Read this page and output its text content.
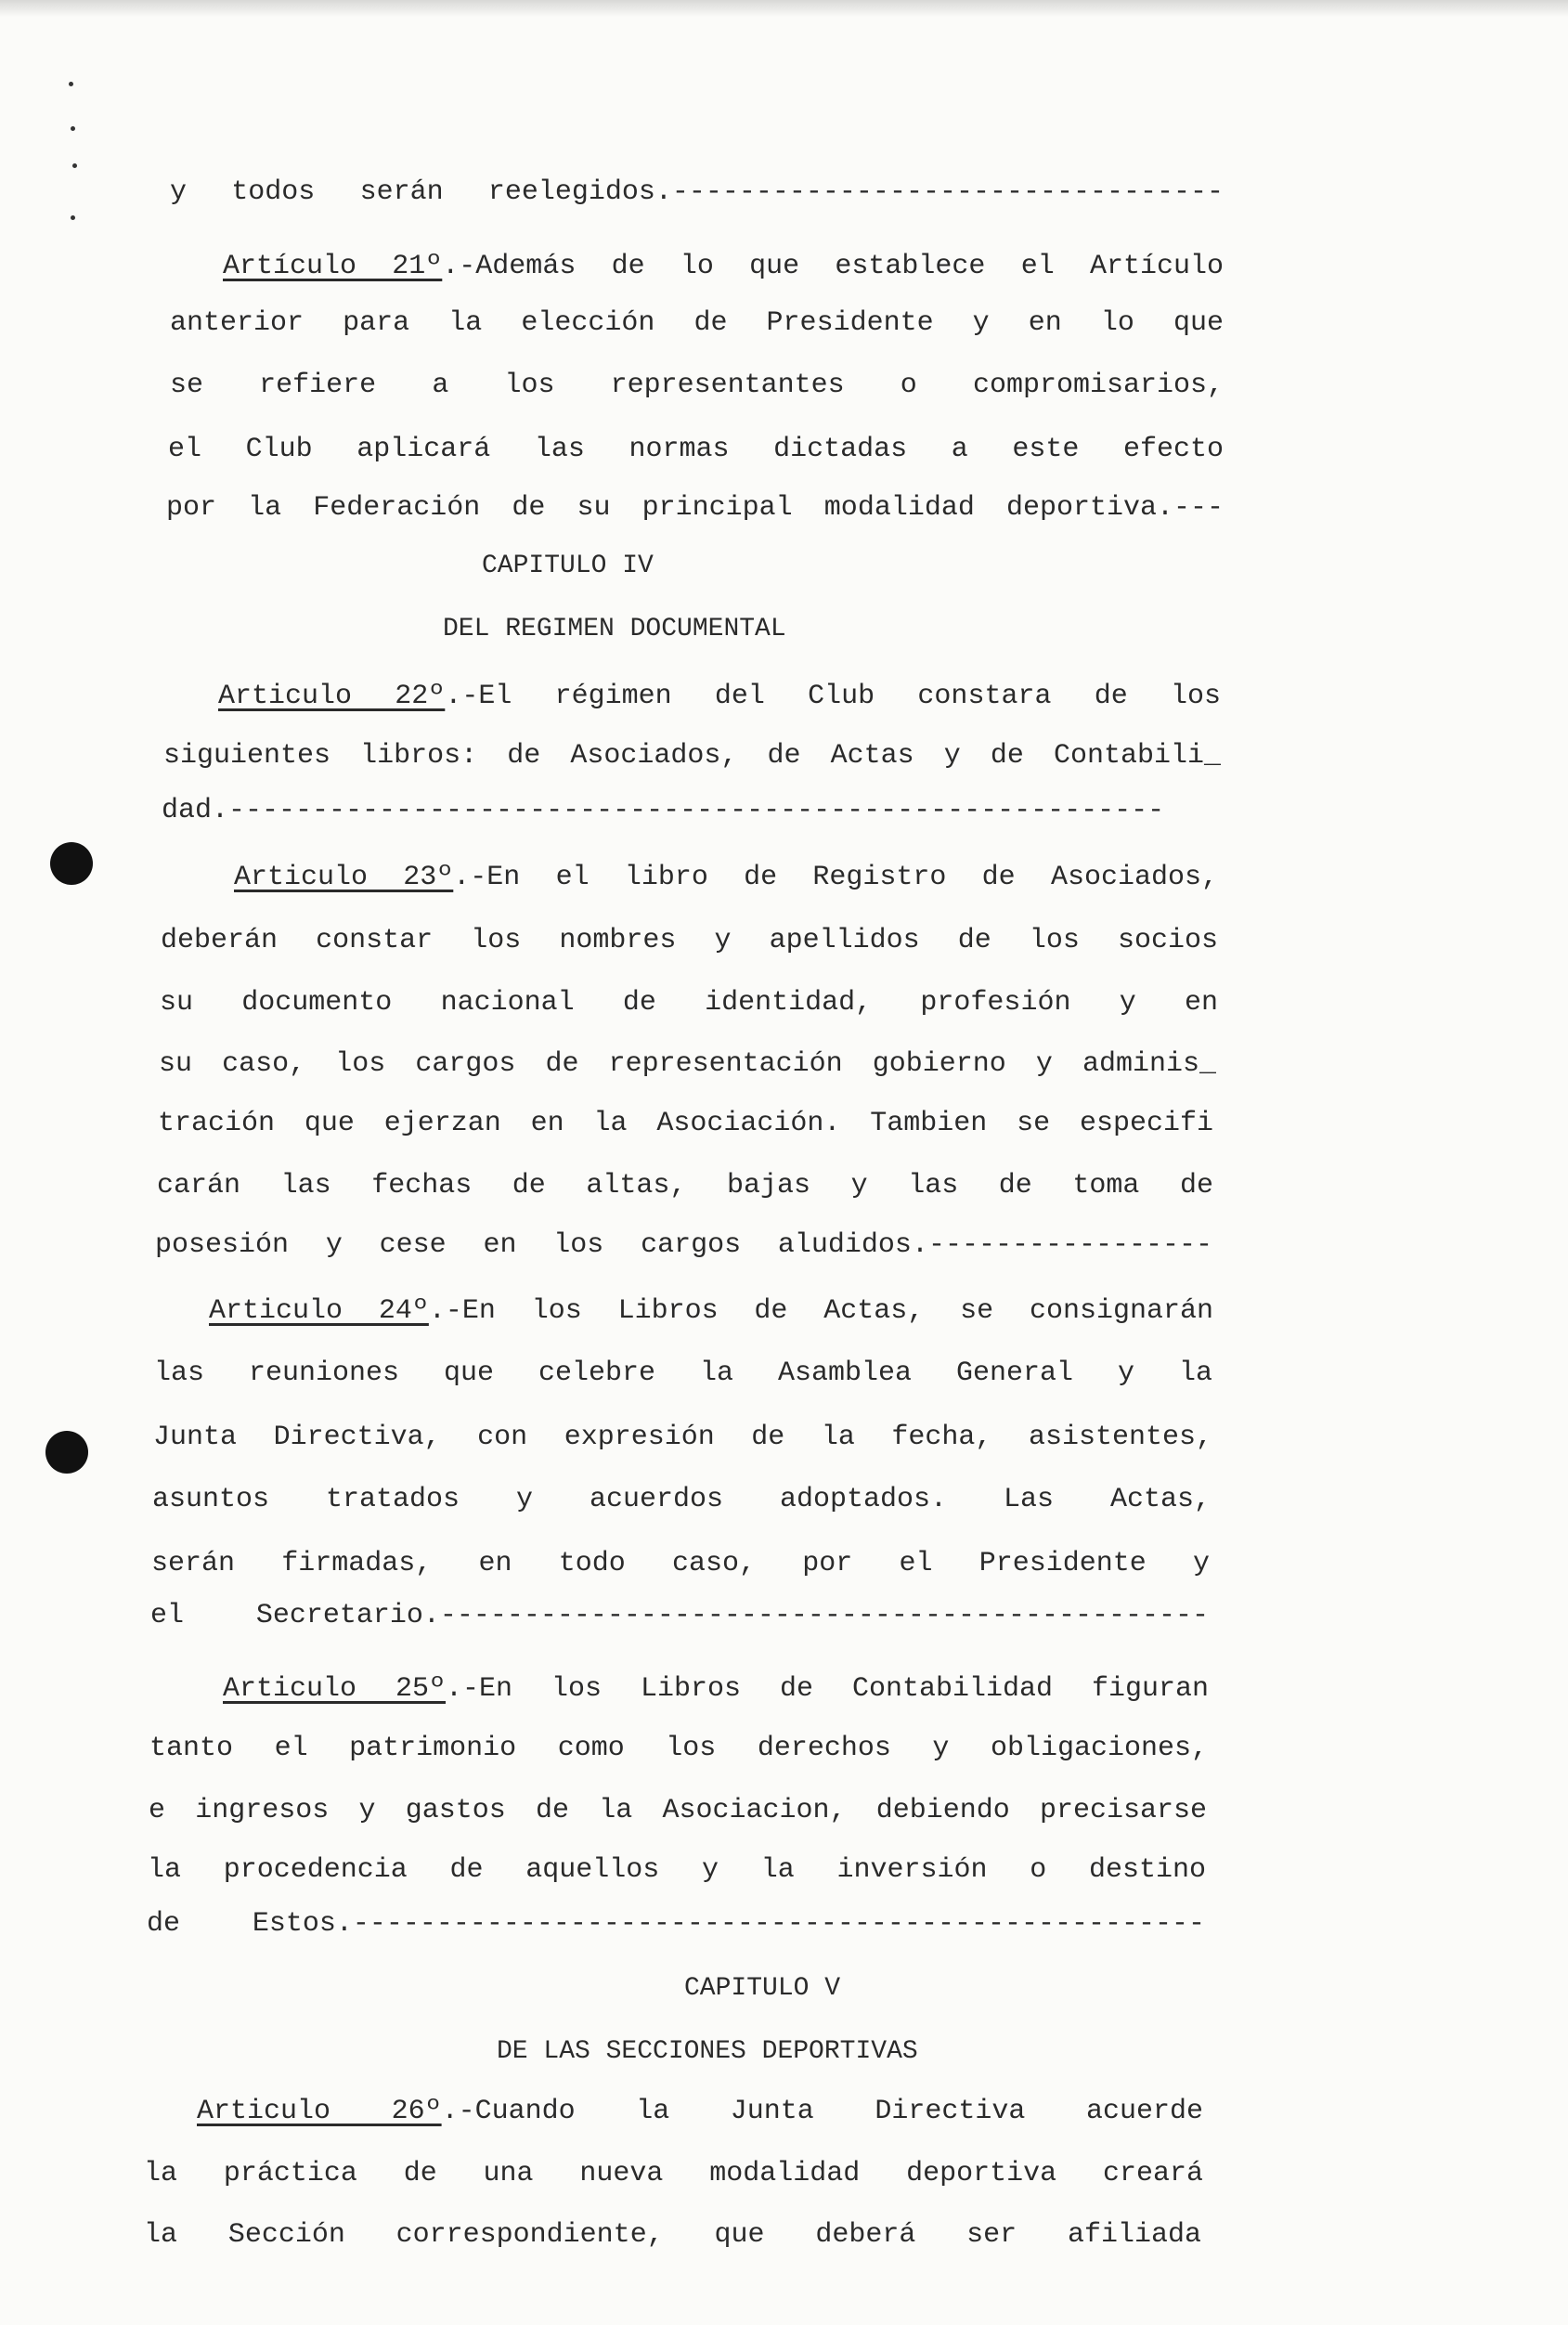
y todos serán reelegidos.---------------------------------
Artículo 21º.-Además de lo que establece el Artículo
anterior para la elección de Presidente y en lo que
se refiere a los representantes o compromisarios,
el Club aplicará las normas dictadas a este efecto
por la Federación de su principal modalidad deportiva.---
CAPITULO IV
DEL REGIMEN DOCUMENTAL
Articulo 22º.-El régimen del Club constara de los
siguientes libros: de Asociados, de Actas y de Contabili_
dad.--------------------------------------------------------
Articulo 23º.-En el libro de Registro de Asociados,
deberán constar los nombres y apellidos de los socios
su documento nacional de identidad, profesión y en
su caso, los cargos de representación gobierno y adminis_
tración que ejerzan en la Asociación. Tambien se especifi
carán las fechas de altas, bajas y las de toma de
posesión y cese en los cargos aludidos.-----------------
Articulo 24º.-En los Libros de Actas, se consignarán
las reuniones que celebre la Asamblea General y la
Junta Directiva, con expresión de la fecha, asistentes,
asuntos tratados y acuerdos adoptados. Las Actas,
serán firmadas, en todo caso, por el Presidente y
el Secretario.----------------------------------------------
Articulo 25º.-En los Libros de Contabilidad figuran
tanto el patrimonio como los derechos y obligaciones,
e ingresos y gastos de la Asociacion, debiendo precisarse
la procedencia de aquellos y la inversión o destino
de Estos.---------------------------------------------------
CAPITULO V
DE LAS SECCIONES DEPORTIVAS
Articulo 26º.-Cuando la Junta Directiva acuerde
la práctica de una nueva modalidad deportiva creará
la Sección correspondiente, que deberá ser afiliada
